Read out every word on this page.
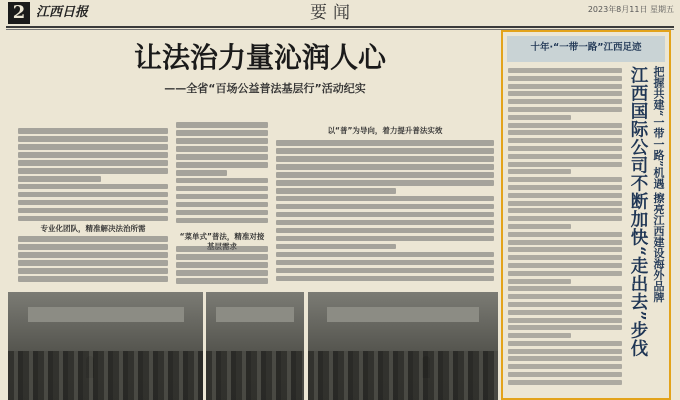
2 江西日报	要闻	2023年8月11日 星期五
让法治力量沁润人心
——全省“百场公益普法基层行”活动纪实
专业化团队，精准解决法治所需
“菜单式”普法，精准对接
以“普”为导向，着力提升普法实效
十年·“一带一路”江西足迹
把握共建“一带一路”机遇 擦亮江西建设海外品牌
江西国际公司不断加快“走出去”步伐
